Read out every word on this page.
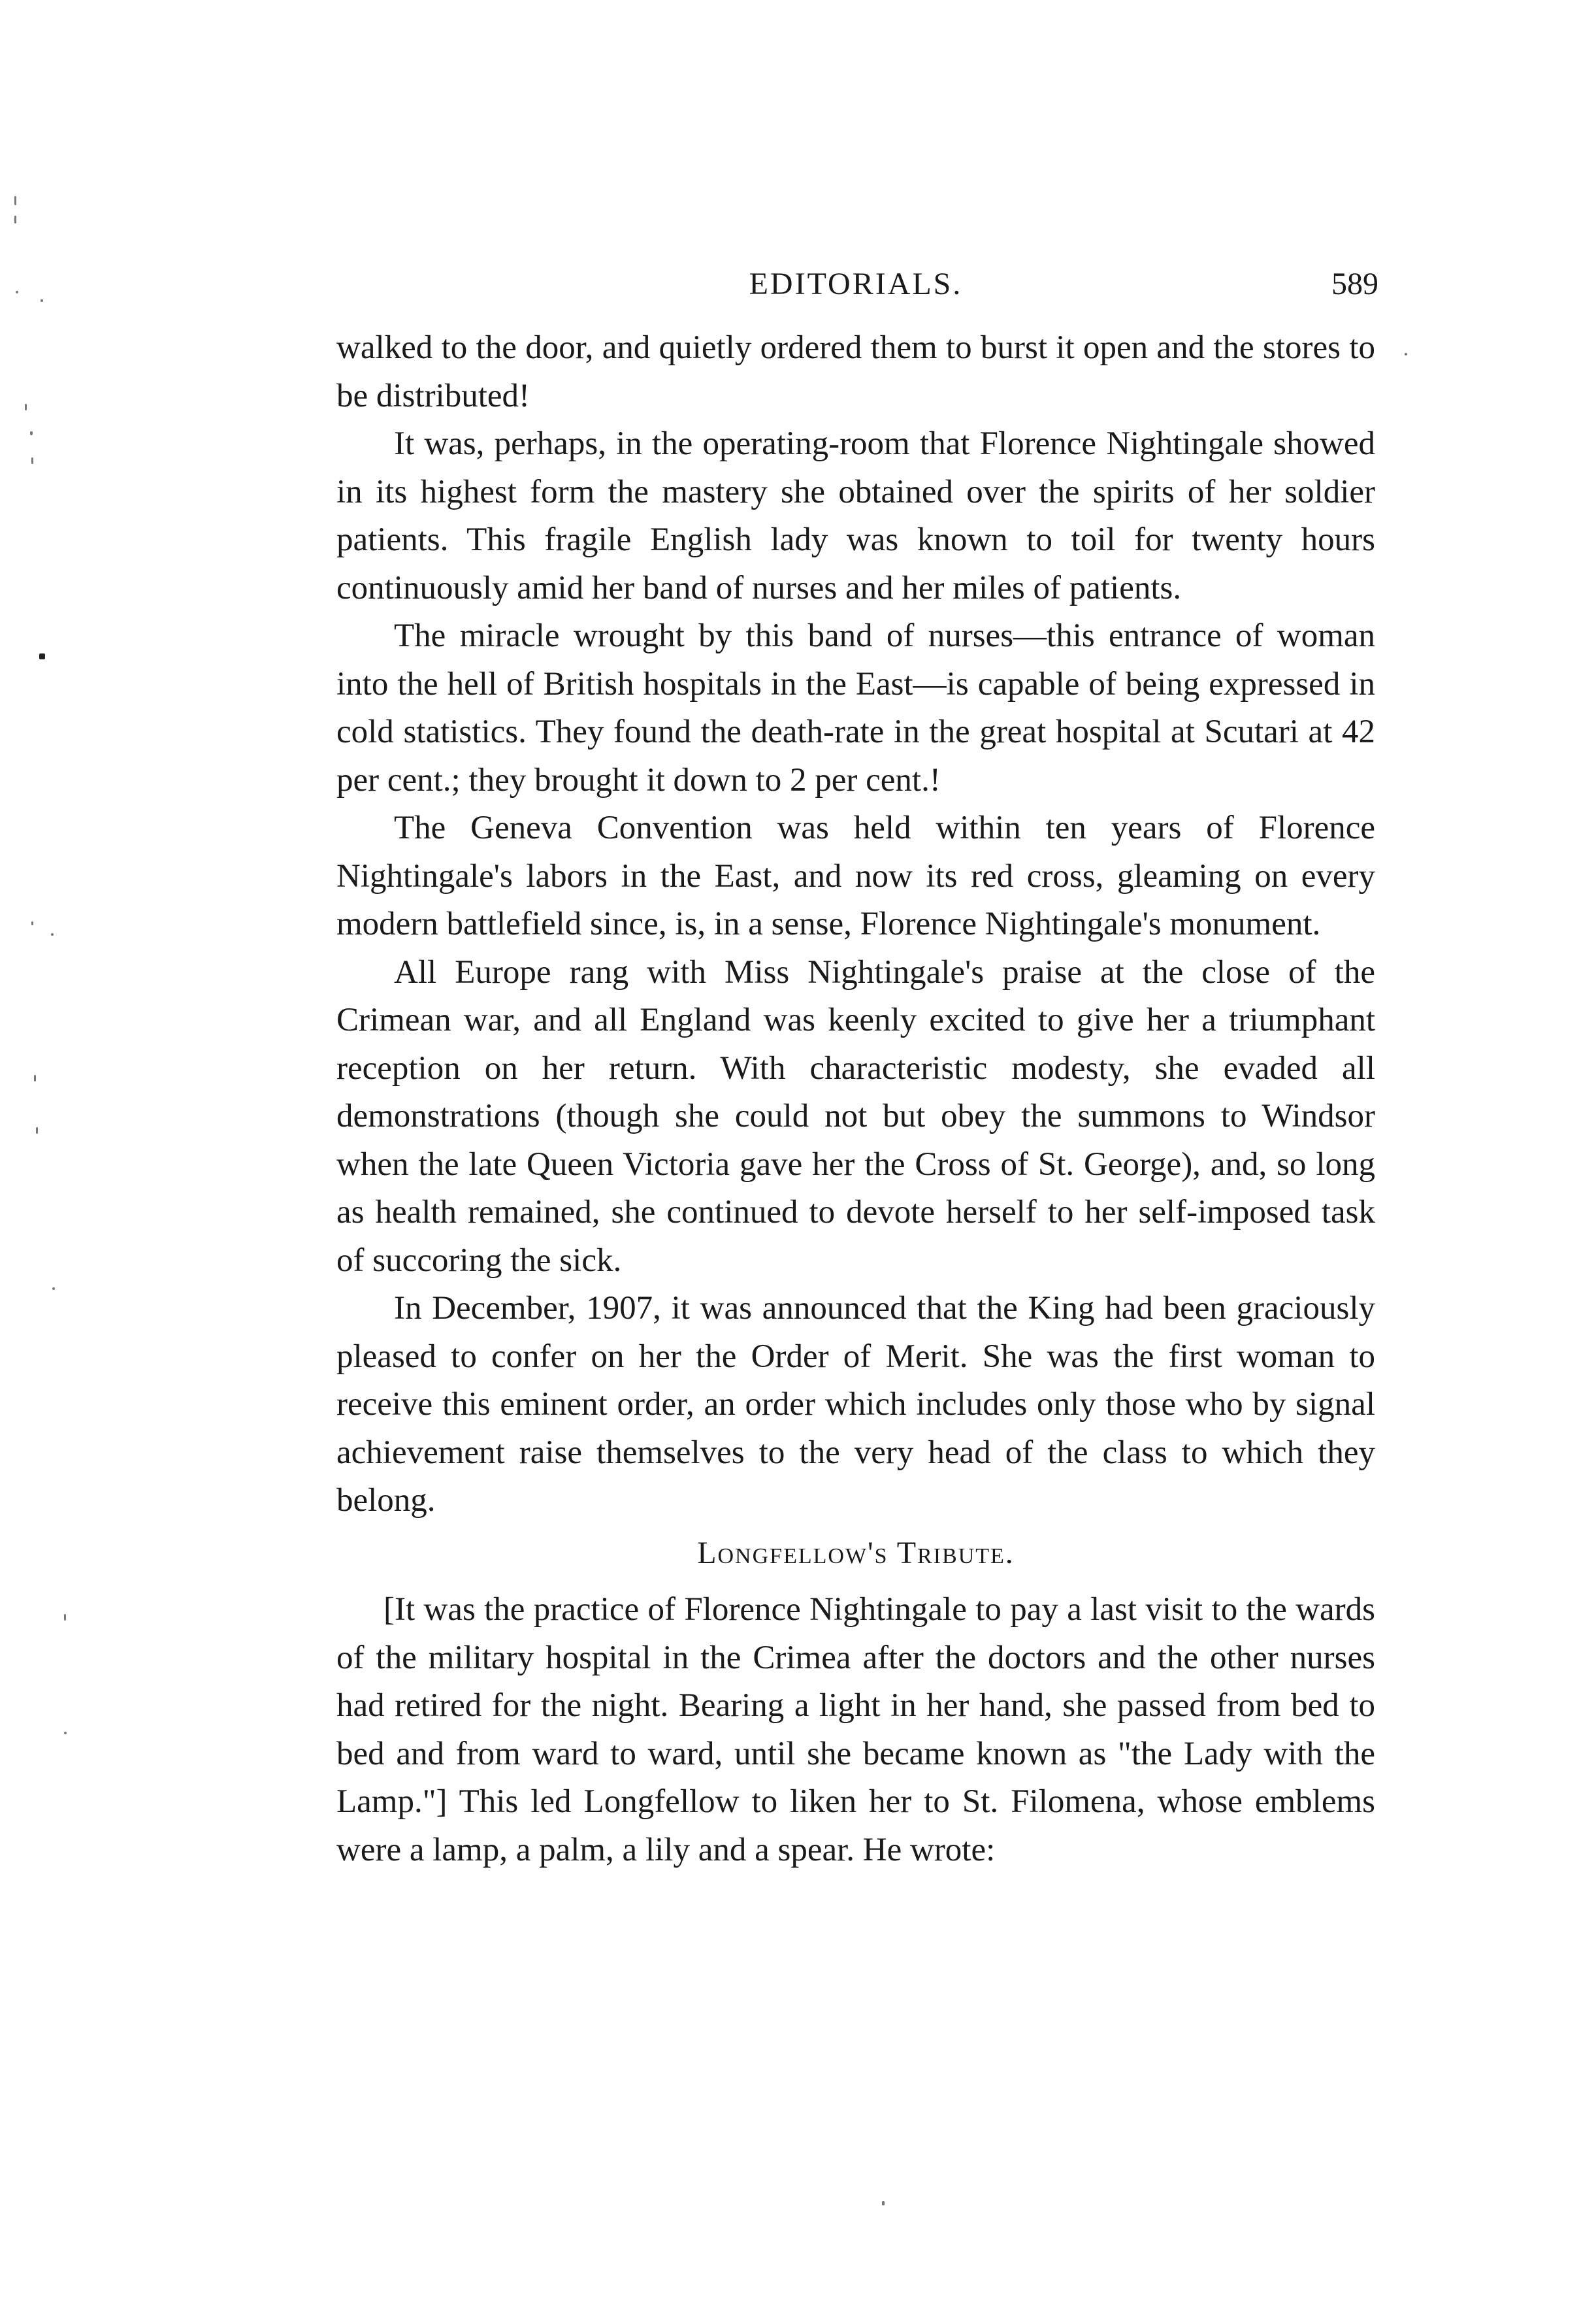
EDITORIALS.	589

walked to the door, and quietly ordered them to burst it open and the stores to be distributed!

It was, perhaps, in the operating-room that Florence Nightingale showed in its highest form the mastery she obtained over the spirits of her soldier patients. This fragile English lady was known to toil for twenty hours continuously amid her band of nurses and her miles of patients.

The miracle wrought by this band of nurses—this entrance of woman into the hell of British hospitals in the East—is capable of being expressed in cold statistics. They found the death-rate in the great hospital at Scutari at 42 per cent.; they brought it down to 2 per cent.!

The Geneva Convention was held within ten years of Florence Nightingale's labors in the East, and now its red cross, gleaming on every modern battlefield since, is, in a sense, Florence Nightingale's monument.

All Europe rang with Miss Nightingale's praise at the close of the Crimean war, and all England was keenly excited to give her a triumphant reception on her return. With characteristic modesty, she evaded all demonstrations (though she could not but obey the summons to Windsor when the late Queen Victoria gave her the Cross of St. George), and, so long as health remained, she continued to devote herself to her self-imposed task of succoring the sick.

In December, 1907, it was announced that the King had been graciously pleased to confer on her the Order of Merit. She was the first woman to receive this eminent order, an order which includes only those who by signal achievement raise themselves to the very head of the class to which they belong.

Longfellow's Tribute.

[It was the practice of Florence Nightingale to pay a last visit to the wards of the military hospital in the Crimea after the doctors and the other nurses had retired for the night. Bearing a light in her hand, she passed from bed to bed and from ward to ward, until she became known as "the Lady with the Lamp."] This led Longfellow to liken her to St. Filomena, whose emblems were a lamp, a palm, a lily and a spear. He wrote:
